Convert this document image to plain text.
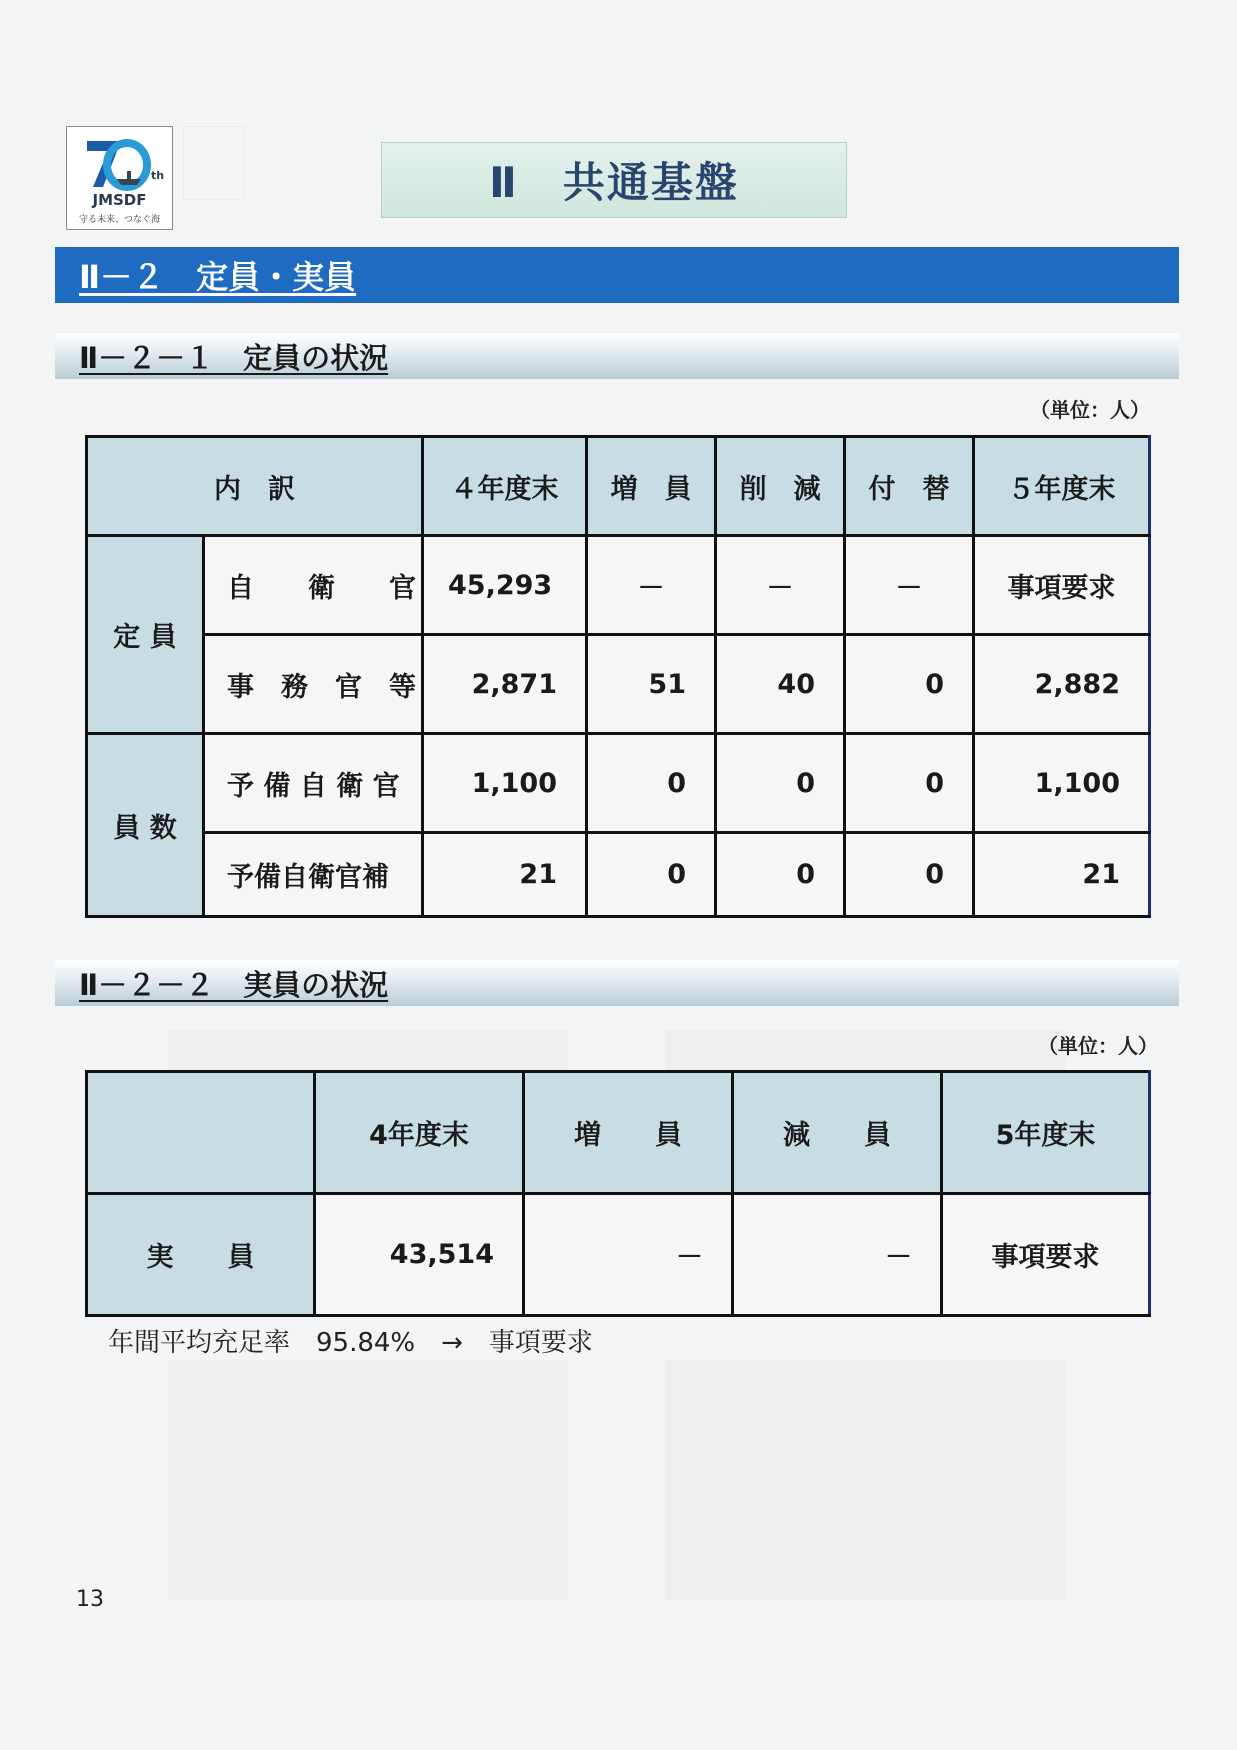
th
JMSDF
守る未来、つなぐ海
Ⅱ　共通基盤
Ⅱ－２　定員・実員
Ⅱ－２－１　定員の状況
（単位：人）
内　訳		４年度末	増　員	削　減	付　替	５年度末
定 員	自　　衛　　官	45,293	－	－	－	事項要求
	事　務　官　等	2,871	51	40	0	2,882
員 数	予 備 自 衛 官	1,100	0	0	0	1,100
	予備自衛官補	21	0	0	0	21
Ⅱ－２－２　実員の状況
（単位：人）
	4年度末	増　　員	減　　員	5年度末
実　　員	43,514	－	－	事項要求
年間平均充足率　95.84%　→　事項要求
13
